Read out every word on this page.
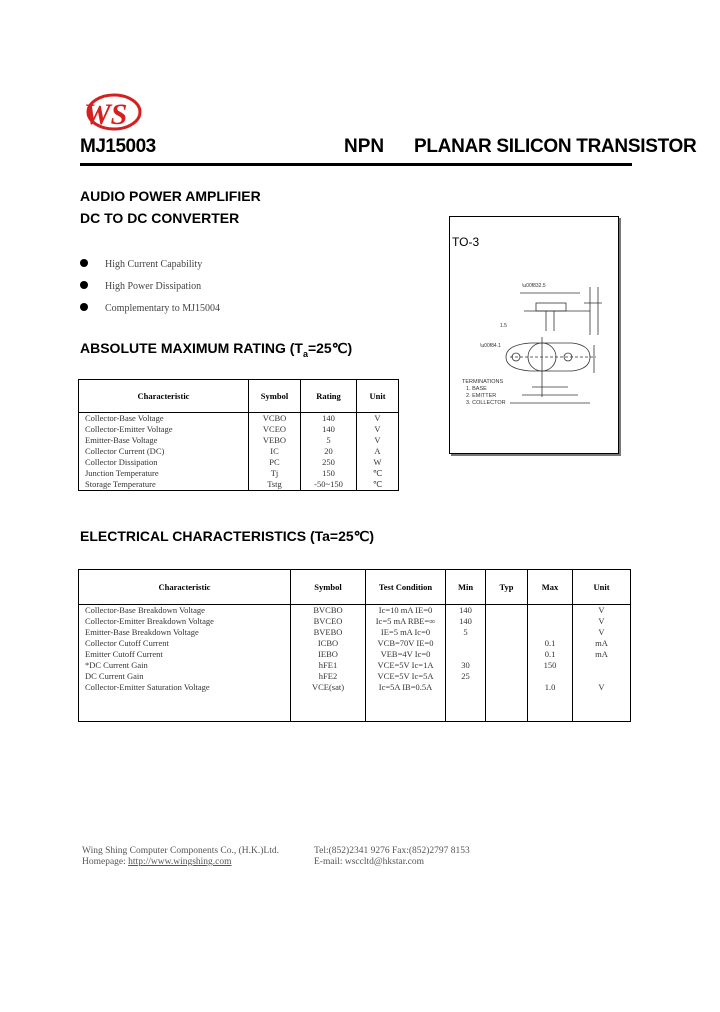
WS
MJ15003	NPN PLANAR SILICON TRANSISTOR
AUDIO POWER AMPLIFIER
DC TO DC CONVERTER
High Current Capability
High Power Dissipation
Complementary to MJ15004
TO-3
\u00f832.5
1.5
\u00f84.1
TERMINATIONS
1. BASE
2. EMITTER
3. COLLECTOR
ABSOLUTE MAXIMUM RATING $(T_a=25℃)$
Characteristic	Symbol	Rating	Unit
Collector-Base Voltage	VCBO	140	V
Collector-Emitter Voltage	VCEO	140	V
Emitter-Base Voltage	VEBO	5	V
Collector Current (DC)	IC	20	A
Collector Dissipation	PC	250	W
Junction Temperature	Tj	150	℃
Storage Temperature	Tstg	-50~150	℃
ELECTRICAL CHARACTERISTICS (Ta=25℃)
Characteristic	Symbol	Test Condition	Min	Typ	Max	Unit
Collector-Base Breakdown Voltage	BVCBO	Ic=10 mA IE=0	140			V
Collector-Emitter Breakdown Voltage	BVCEO	Ic=5 mA RBE=∞	140			V
Emitter-Base Breakdown Voltage	BVEBO	IE=5 mA Ic=0	5			V
Collector Cutoff Current	ICBO	VCB=70V IE=0			0.1	mA
Emitter Cutoff Current	IEBO	VEB=4V Ic=0			0.1	mA
*DC Current Gain	hFE1	VCE=5V Ic=1A	30		150	
DC Current Gain	hFE2	VCE=5V Ic=5A	25			
Collector-Emitter Saturation Voltage	VCE(sat)	Ic=5A IB=0.5A			1.0	V

Wing Shing Computer Components Co., (H.K.)Ltd.
Homepage: http://www.wingshing.com
Tel:(852)2341 9276 Fax:(852)2797 8153
E-mail: wsccltd@hkstar.com
